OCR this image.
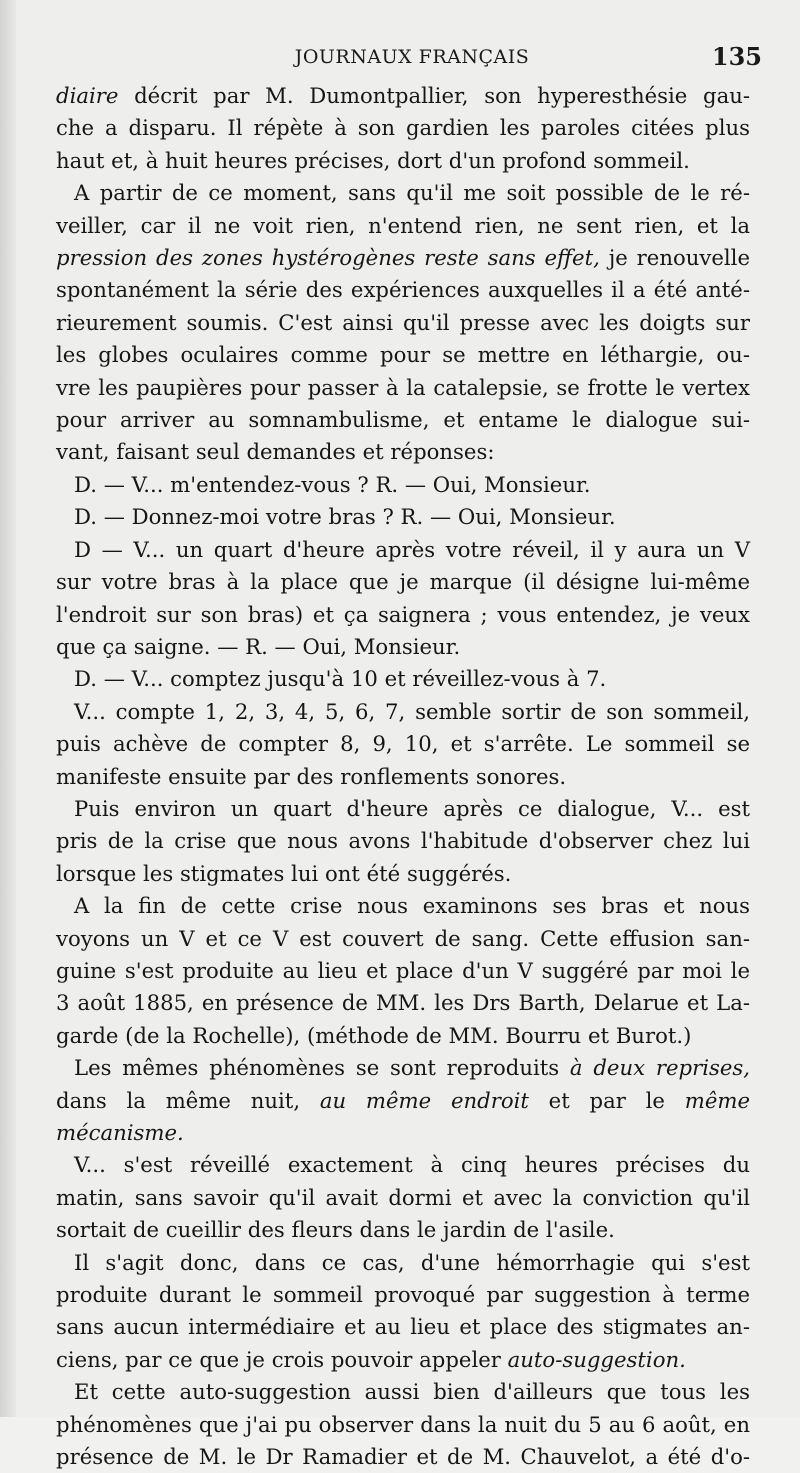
JOURNAUX FRANÇAIS	135
diaire décrit par M. Dumontpallier, son hyperesthésie gau-
che a disparu. Il répète à son gardien les paroles citées plus
haut et, à huit heures précises, dort d'un profond sommeil.
A partir de ce moment, sans qu'il me soit possible de le ré-
veiller, car il ne voit rien, n'entend rien, ne sent rien, et la
pression des zones hystérogènes reste sans effet, je renouvelle
spontanément la série des expériences auxquelles il a été anté-
rieurement soumis. C'est ainsi qu'il presse avec les doigts sur
les globes oculaires comme pour se mettre en léthargie, ou-
vre les paupières pour passer à la catalepsie, se frotte le vertex
pour arriver au somnambulisme, et entame le dialogue sui-
vant, faisant seul demandes et réponses:
D. — V... m'entendez-vous ? R. — Oui, Monsieur.
D. — Donnez-moi votre bras ? R. — Oui, Monsieur.
D — V... un quart d'heure après votre réveil, il y aura un V
sur votre bras à la place que je marque (il désigne lui-même
l'endroit sur son bras) et ça saignera ; vous entendez, je veux
que ça saigne. — R. — Oui, Monsieur.
D. — V... comptez jusqu'à 10 et réveillez-vous à 7.
V... compte 1, 2, 3, 4, 5, 6, 7, semble sortir de son sommeil,
puis achève de compter 8, 9, 10, et s'arrête. Le sommeil se
manifeste ensuite par des ronflements sonores.
Puis environ un quart d'heure après ce dialogue, V... est
pris de la crise que nous avons l'habitude d'observer chez lui
lorsque les stigmates lui ont été suggérés.
A la fin de cette crise nous examinons ses bras et nous
voyons un V et ce V est couvert de sang. Cette effusion san-
guine s'est produite au lieu et place d'un V suggéré par moi le
3 août 1885, en présence de MM. les Drs Barth, Delarue et La-
garde (de la Rochelle), (méthode de MM. Bourru et Burot.)
Les mêmes phénomènes se sont reproduits à deux reprises,
dans la même nuit, au même endroit et par le même mécanisme.
V... s'est réveillé exactement à cinq heures précises du
matin, sans savoir qu'il avait dormi et avec la conviction qu'il
sortait de cueillir des fleurs dans le jardin de l'asile.
Il s'agit donc, dans ce cas, d'une hémorrhagie qui s'est
produite durant le sommeil provoqué par suggestion à terme
sans aucun intermédiaire et au lieu et place des stigmates an-
ciens, par ce que je crois pouvoir appeler auto-suggestion.
Et cette auto-suggestion aussi bien d'ailleurs que tous les
phénomènes que j'ai pu observer dans la nuit du 5 au 6 août, en
présence de M. le Dr Ramadier et de M. Chauvelot, a été d'o-
